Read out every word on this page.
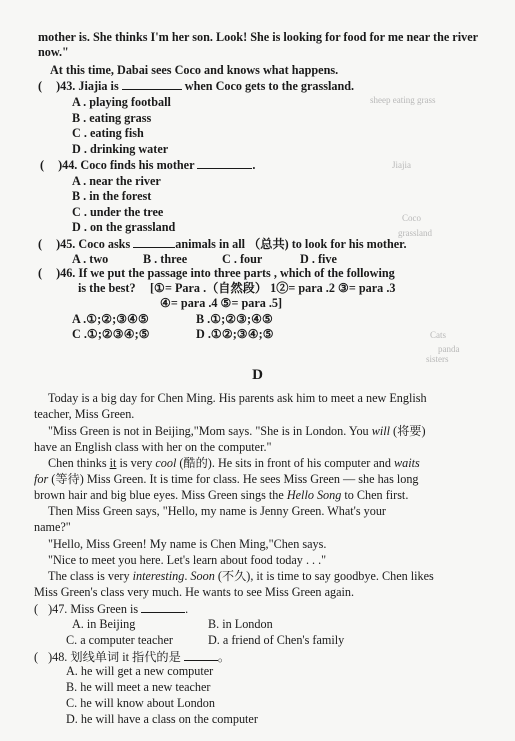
sheep eating grass
Jiajia
Coco
grassland
Cats
panda
sisters
mother is. She thinks I'm her son. Look! She is looking for food for me near the river
now."
At this time, Dabai sees Coco and knows what happens.
( )43. Jiajia is	when Coco gets to the grassland.
A . playing football
B . eating grass
C . eating fish
D . drinking water
( )44. Coco finds his mother	.
A . near the river
B . in the forest
C . under the tree
D . on the grassland
( )45. Coco asks	animals in all （总共) to look for his mother.
A . two	B . three	C . four	D . five
( )46. If we put the passage into three parts , which of the following
is the best? [①= Para .（自然段） 1②= para .2 ③= para .3
④= para .4 ⑤= para .5]
A .①;②;③④⑤	B .①;②③;④⑤
C .①;②③④;⑤	D .①②;③④;⑤
D
Today is a big day for Chen Ming. His parents ask him to meet a new English
teacher, Miss Green.
"Miss Green is not in Beijing,"Mom says. "She is in London. You will (将要)
have an English class with her on the computer."
Chen thinks it is very cool (酷的). He sits in front of his computer and waits
for (等待) Miss Green. It is time for class. He sees Miss Green — she has long
brown hair and big blue eyes. Miss Green sings the Hello Song to Chen first.
Then Miss Green says, "Hello, my name is Jenny Green. What's your
name?"
"Hello, Miss Green! My name is Chen Ming,"Chen says.
"Nice to meet you here. Let's learn about food today . . ."
The class is very interesting. Soon (不久), it is time to say goodbye. Chen likes
Miss Green's class very much. He wants to see Miss Green again.
( )47. Miss Green is	.
A. in Beijing	B. in London
C. a computer teacher	D. a friend of Chen's family
( )48. 划线单词 it 指代的是	。
A. he will get a new computer
B. he will meet a new teacher
C. he will know about London
D. he will have a class on the computer
